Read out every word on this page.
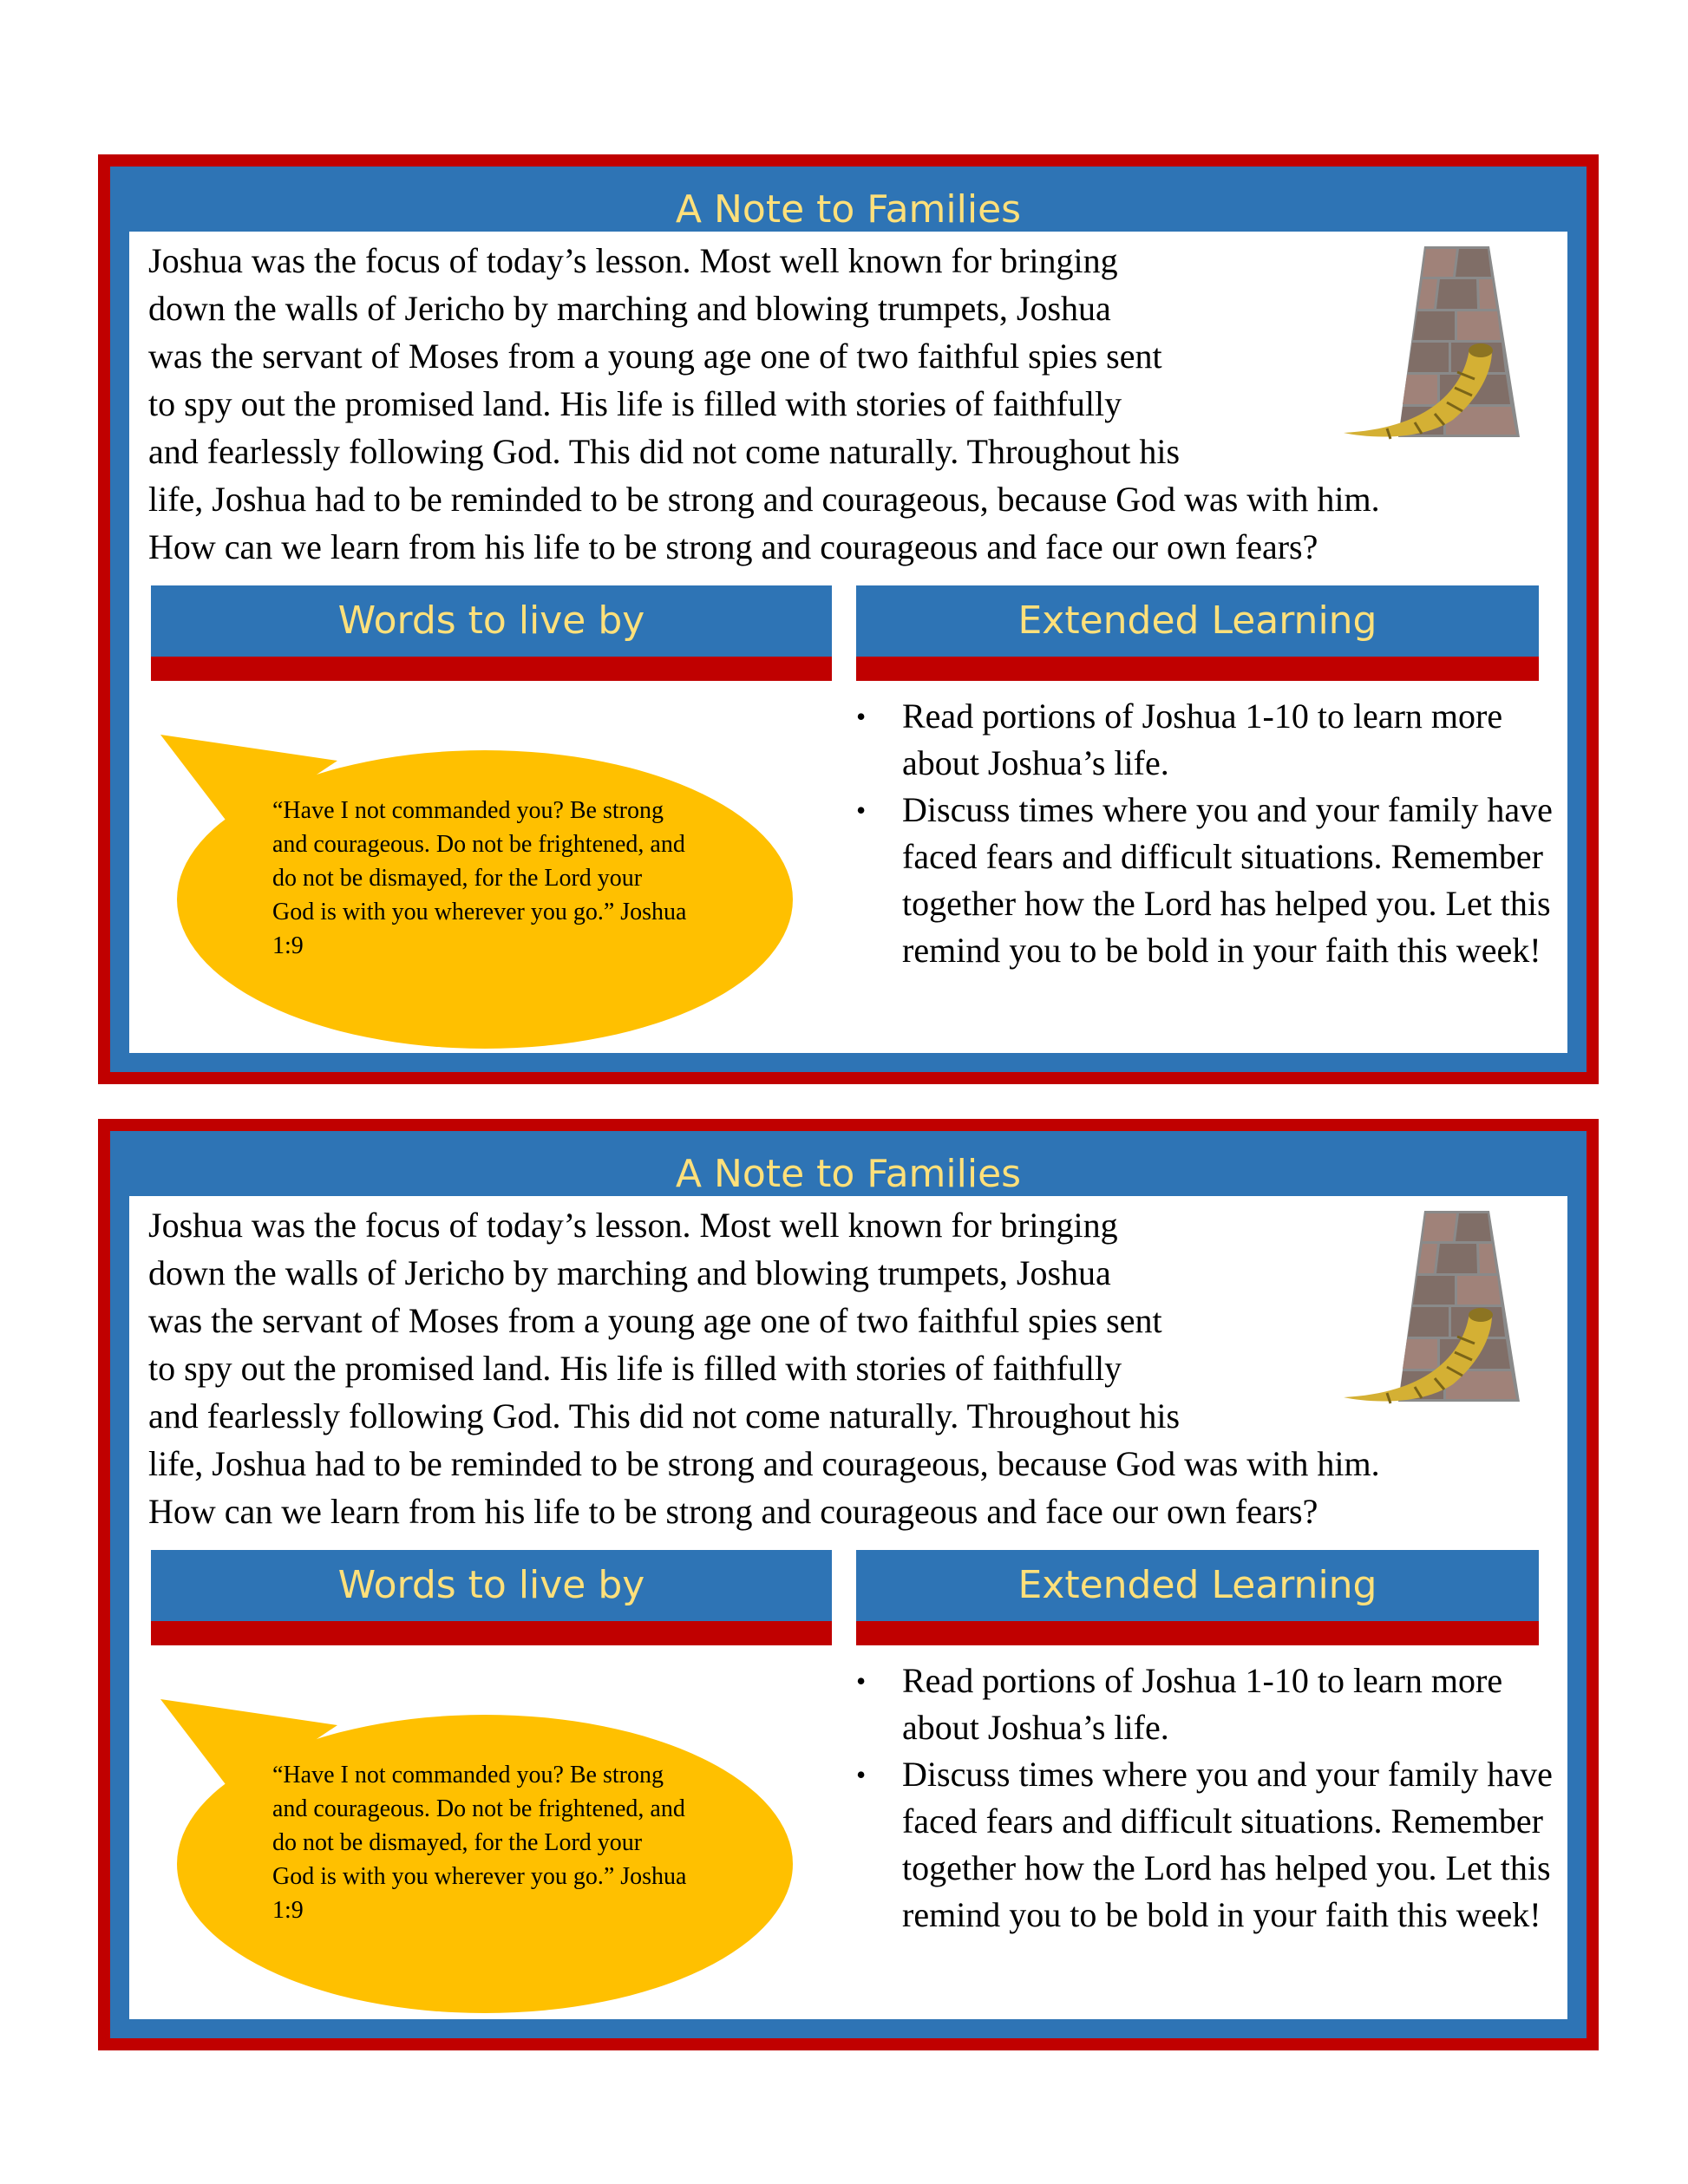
A Note to Families

Joshua was the focus of today’s lesson. Most well known for bringing
down the walls of Jericho by marching and blowing trumpets, Joshua
was the servant of Moses from a young age one of two faithful spies sent
to spy out the promised land. His life is filled with stories of faithfully
and fearlessly following God. This did not come naturally. Throughout his
life, Joshua had to be reminded to be strong and courageous, because God was with him.
How can we learn from his life to be strong and courageous and face our own fears?

Words to live by	Extended Learning
“Have I not commanded you? Be strong and courageous. Do not be frightened, and do not be dismayed, for the Lord your God is with you wherever you go.” Joshua 1:9
•	Read portions of Joshua 1-10 to learn more about Joshua’s life.
•	Discuss times where you and your family have faced fears and difficult situations. Remember together how the Lord has helped you. Let this remind you to be bold in your faith this week!
A Note to Families

Joshua was the focus of today’s lesson. Most well known for bringing
down the walls of Jericho by marching and blowing trumpets, Joshua
was the servant of Moses from a young age one of two faithful spies sent
to spy out the promised land. His life is filled with stories of faithfully
and fearlessly following God. This did not come naturally. Throughout his
life, Joshua had to be reminded to be strong and courageous, because God was with him.
How can we learn from his life to be strong and courageous and face our own fears?

Words to live by	Extended Learning
“Have I not commanded you? Be strong and courageous. Do not be frightened, and do not be dismayed, for the Lord your God is with you wherever you go.” Joshua 1:9
•	Read portions of Joshua 1-10 to learn more about Joshua’s life.
•	Discuss times where you and your family have faced fears and difficult situations. Remember together how the Lord has helped you. Let this remind you to be bold in your faith this week!
